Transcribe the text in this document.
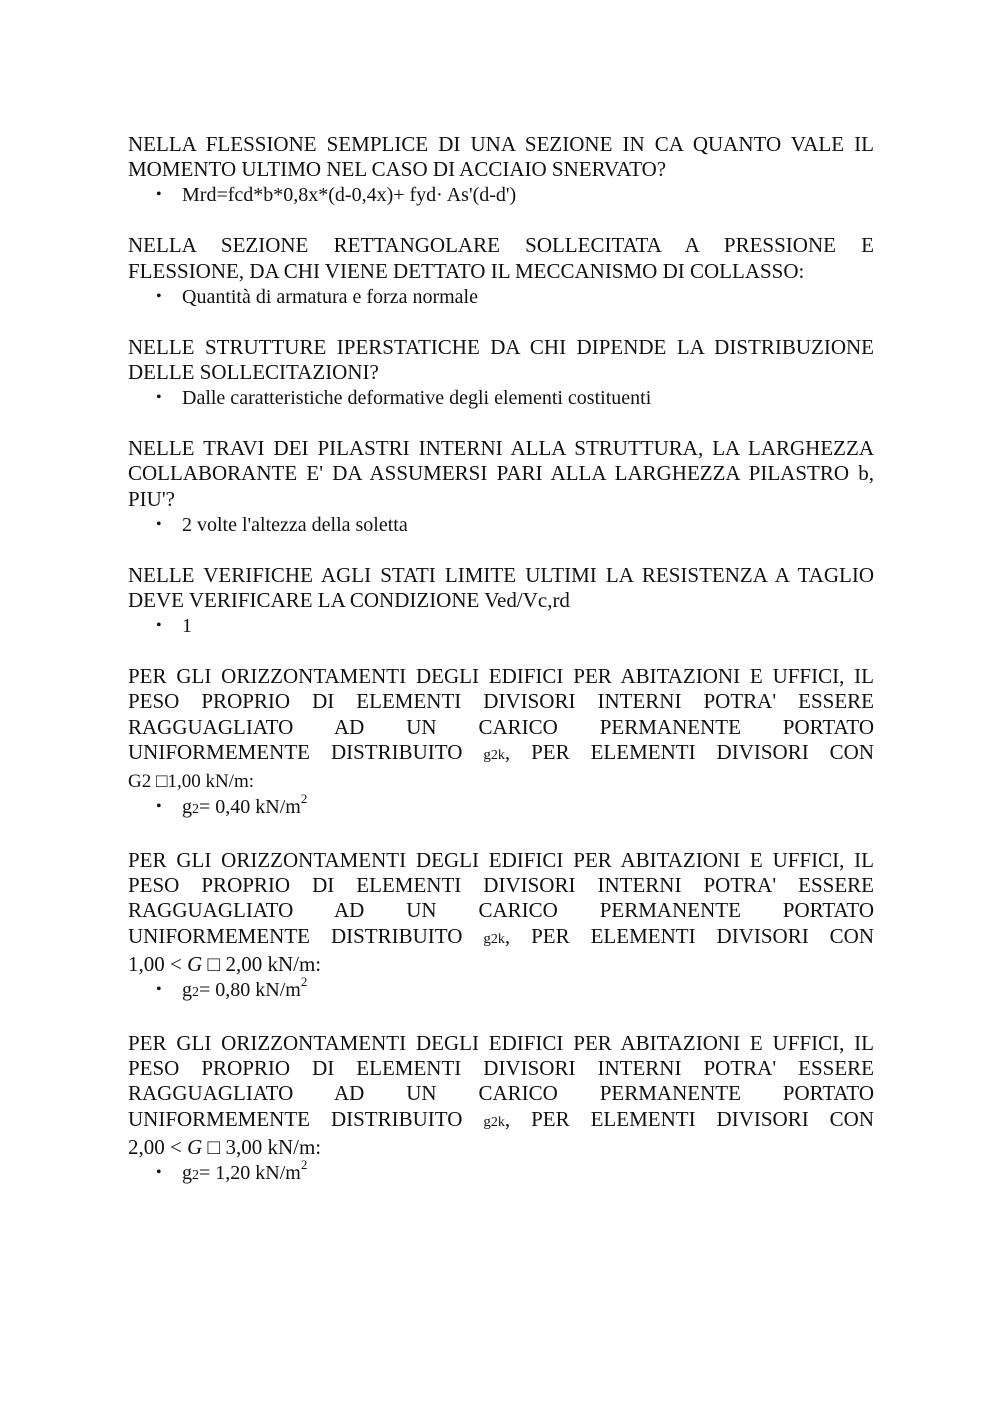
NELLA FLESSIONE SEMPLICE DI UNA SEZIONE IN CA QUANTO VALE IL MOMENTO ULTIMO NEL CASO DI ACCIAIO SNERVATO?

• Mrd=fcd*b*0,8x*(d-0,4x)+ fyd· As'(d-d')

NELLA SEZIONE RETTANGOLARE SOLLECITATA A PRESSIONE E FLESSIONE, DA CHI VIENE DETTATO IL MECCANISMO DI COLLASSO:

• Quantità di armatura e forza normale

NELLE STRUTTURE IPERSTATICHE DA CHI DIPENDE LA DISTRIBUZIONE DELLE SOLLECITAZIONI?

• Dalle caratteristiche deformative degli elementi costituenti

NELLE TRAVI DEI PILASTRI INTERNI ALLA STRUTTURA, LA LARGHEZZA COLLABORANTE E' DA ASSUMERSI PARI ALLA LARGHEZZA PILASTRO b, PIU'?

• 2 volte l'altezza della soletta

NELLE VERIFICHE AGLI STATI LIMITE ULTIMI LA RESISTENZA A TAGLIO DEVE VERIFICARE LA CONDIZIONE Ved/Vc,rd

• 1

PER GLI ORIZZONTAMENTI DEGLI EDIFICI PER ABITAZIONI E UFFICI, IL PESO PROPRIO DI ELEMENTI DIVISORI INTERNI POTRA' ESSERE RAGGUAGLIATO AD UN CARICO PERMANENTE PORTATO UNIFORMEMENTE DISTRIBUITO g2k, PER ELEMENTI DIVISORI CON

G2 □1,00 kN/m:

• g2= 0,40 $kN/m^2$

PER GLI ORIZZONTAMENTI DEGLI EDIFICI PER ABITAZIONI E UFFICI, IL PESO PROPRIO DI ELEMENTI DIVISORI INTERNI POTRA' ESSERE RAGGUAGLIATO AD UN CARICO PERMANENTE PORTATO UNIFORMEMENTE DISTRIBUITO g2k, PER ELEMENTI DIVISORI CON

1,00 < G □ 2,00 kN/m:

• g2= 0,80 $kN/m^2$

PER GLI ORIZZONTAMENTI DEGLI EDIFICI PER ABITAZIONI E UFFICI, IL PESO PROPRIO DI ELEMENTI DIVISORI INTERNI POTRA' ESSERE RAGGUAGLIATO AD UN CARICO PERMANENTE PORTATO UNIFORMEMENTE DISTRIBUITO g2k, PER ELEMENTI DIVISORI CON

2,00 < G □ 3,00 kN/m:

• g2= 1,20 $kN/m^2$
